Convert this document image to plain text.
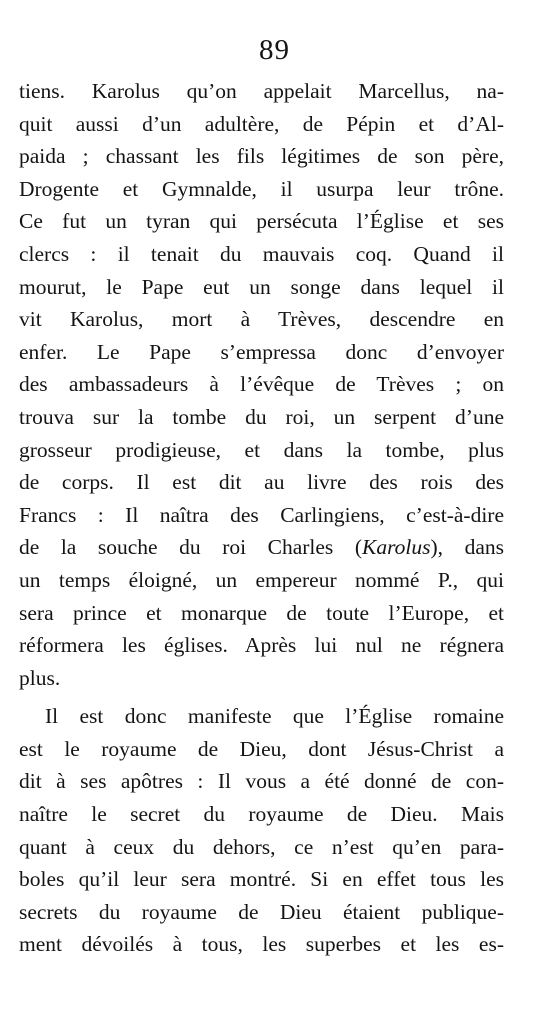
89
tiens. Karolus qu’on appelait Marcellus, na-
quit aussi d’un adultère, de Pépin et d’Al-
paida ; chassant les fils légitimes de son père,
Drogente et Gymnalde, il usurpa leur trône.
Ce fut un tyran qui persécuta l’Église et ses
clercs : il tenait du mauvais coq. Quand il
mourut, le Pape eut un songe dans lequel il
vit Karolus, mort à Trèves, descendre en
enfer. Le Pape s’empressa donc d’envoyer
des ambassadeurs à l’évêque de Trèves ; on
trouva sur la tombe du roi, un serpent d’une
grosseur prodigieuse, et dans la tombe, plus
de corps. Il est dit au livre des rois des
Francs : Il naîtra des Carlingiens, c’est-à-dire
de la souche du roi Charles (Karolus), dans
un temps éloigné, un empereur nommé P., qui
sera prince et monarque de toute l’Europe, et
réformera les églises. Après lui nul ne régnera
plus.
Il est donc manifeste que l’Église romaine
est le royaume de Dieu, dont Jésus-Christ a
dit à ses apôtres : Il vous a été donné de con-
naître le secret du royaume de Dieu. Mais
quant à ceux du dehors, ce n’est qu’en para-
boles qu’il leur sera montré. Si en effet tous les
secrets du royaume de Dieu étaient publique-
ment dévoilés à tous, les superbes et les es-
